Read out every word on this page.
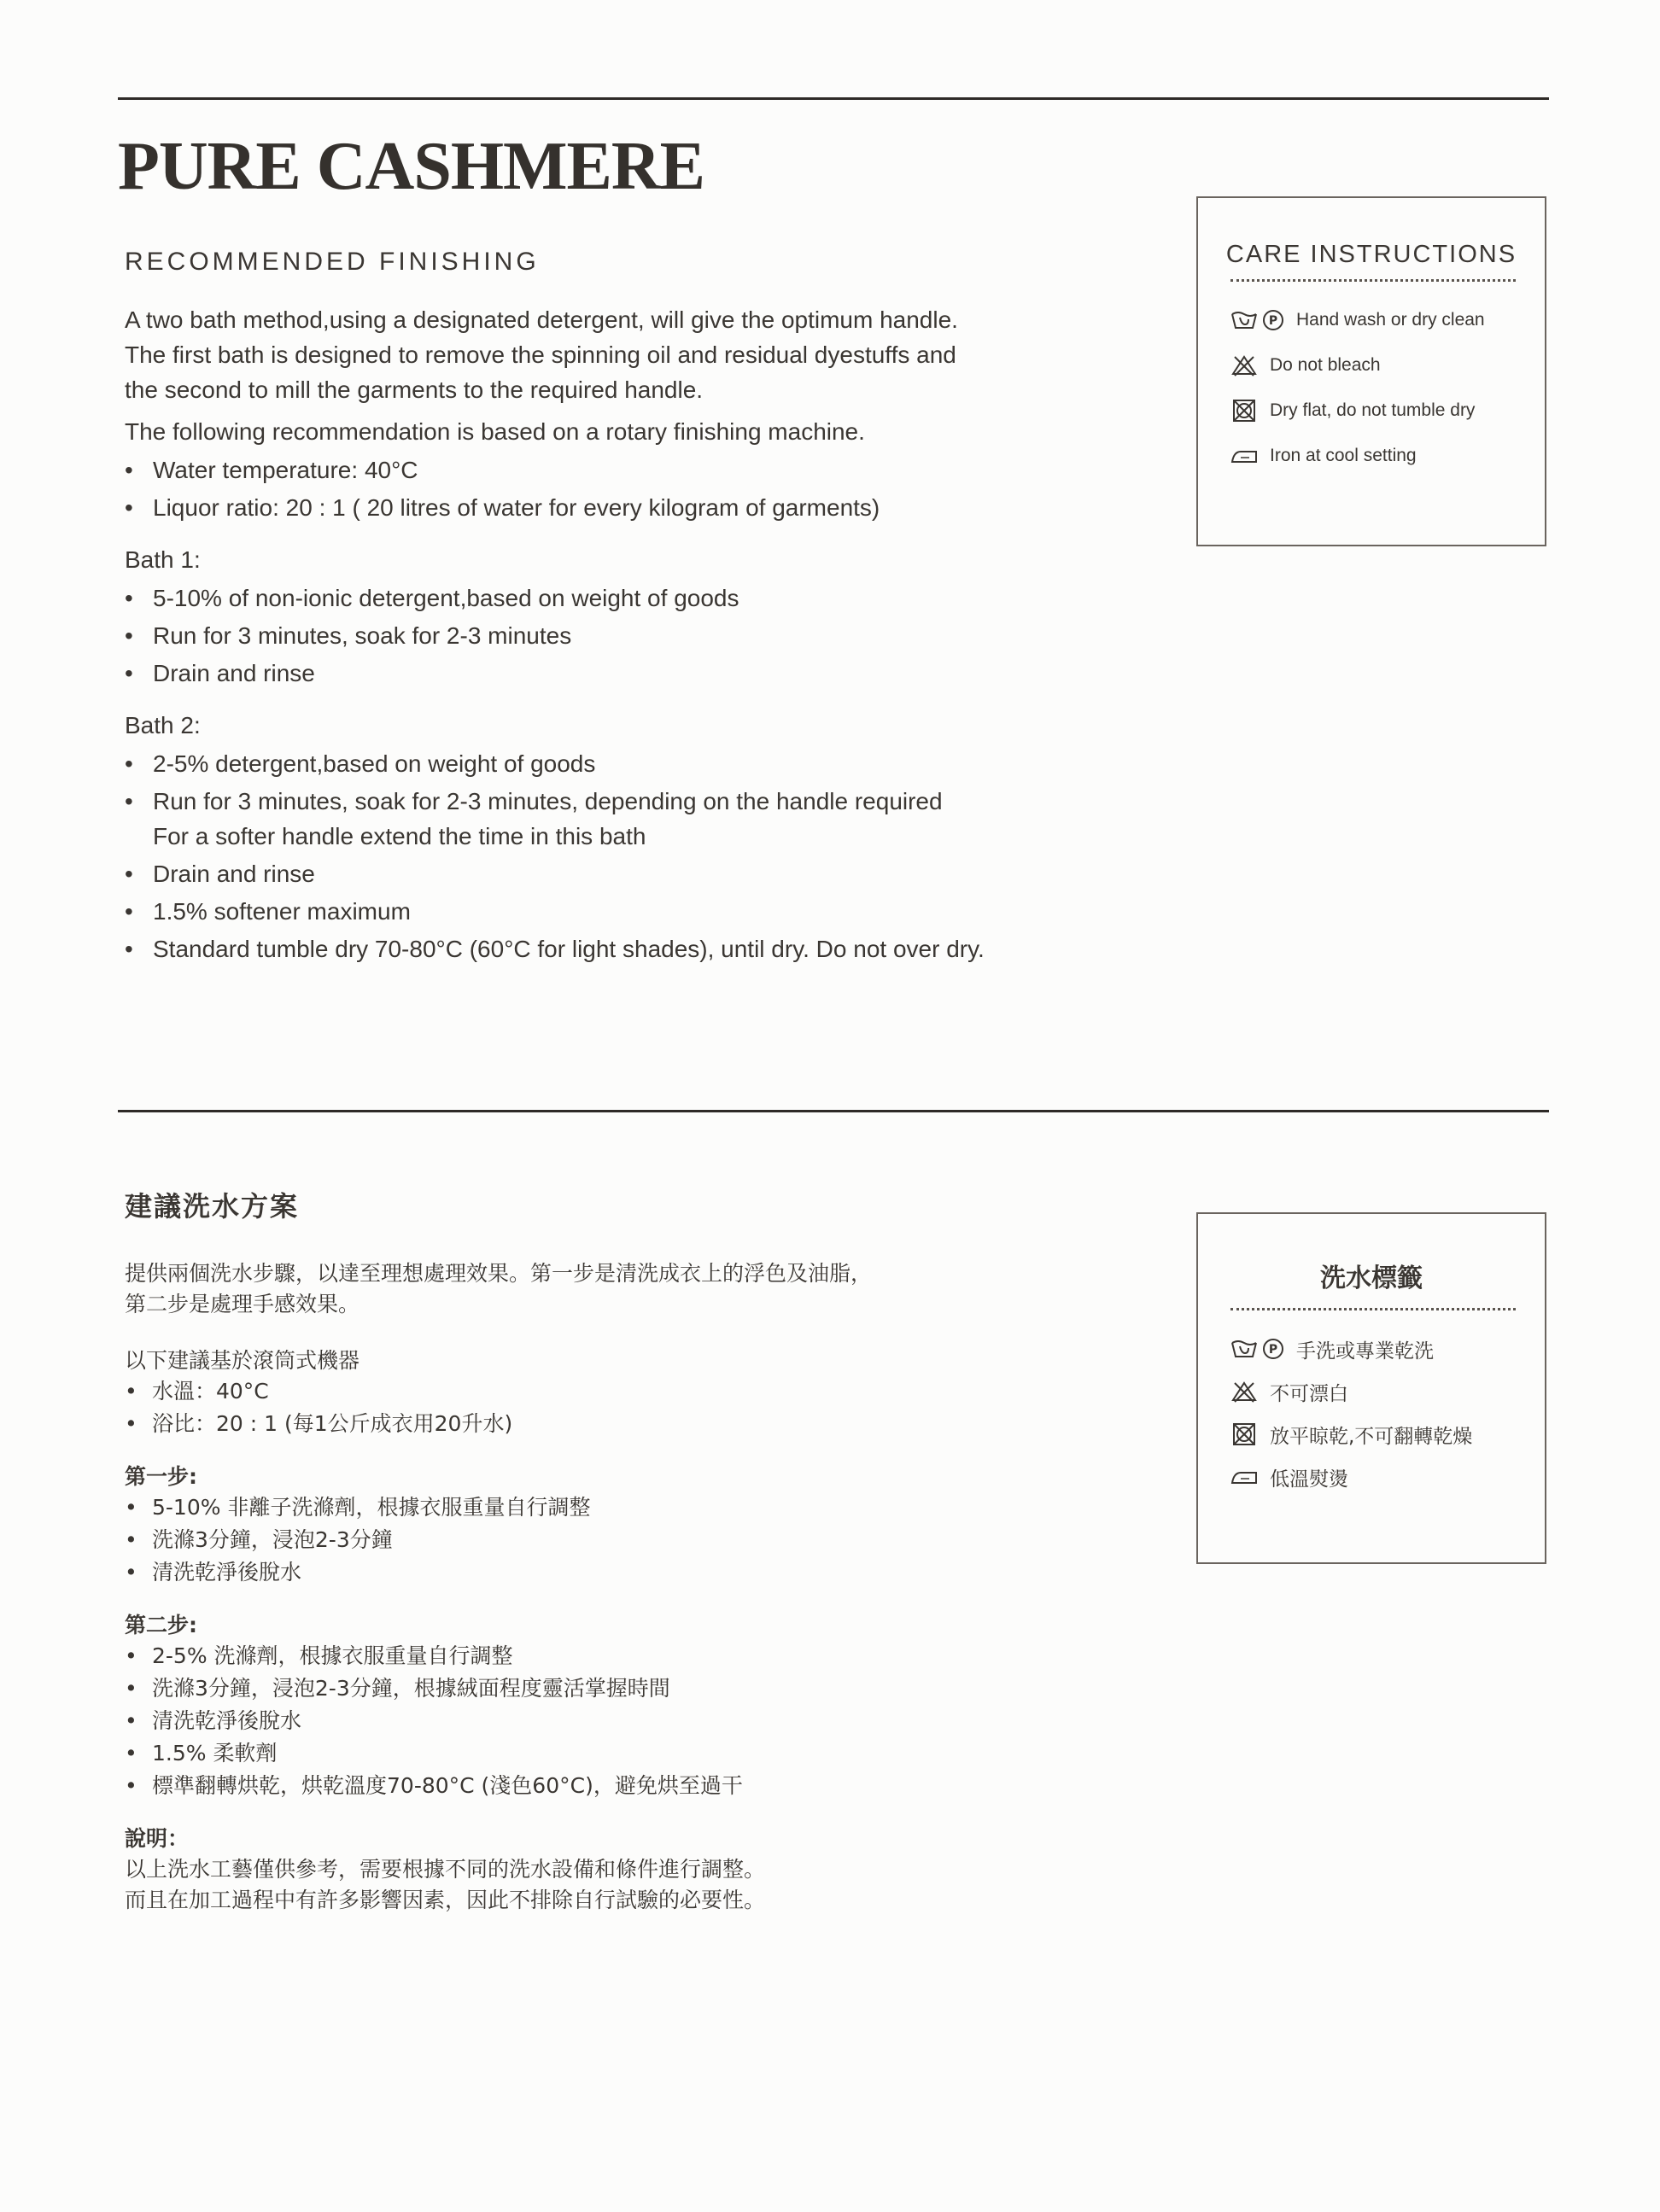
PURE CASHMERE
RECOMMENDED FINISHING

A two bath method,using a designated detergent, will give the optimum handle.
The first bath is designed to remove the spinning oil and residual dyestuffs and
the second to mill the garments to the required handle.

The following recommendation is based on a rotary finishing machine.

• Water temperature: 40°C
• Liquor ratio: 20 : 1 ( 20 litres of water for every kilogram of garments)
Bath 1:
• 5-10% of non-ionic detergent,based on weight of goods
• Run for 3 minutes, soak for 2-3 minutes
• Drain and rinse
Bath 2:
• 2-5% detergent,based on weight of goods
• Run for 3 minutes, soak for 2-3 minutes, depending on the handle required
For a softer handle extend the time in this bath
• Drain and rinse
• 1.5% softener maximum
• Standard tumble dry 70-80°C (60°C for light shades), until dry. Do not over dry.
CARE INSTRUCTIONS
P Hand wash or dry clean
Do not bleach
Dry flat, do not tumble dry
Iron at cool setting
建議洗水方案

提供兩個洗水步驟，以達至理想處理效果。第一步是清洗成衣上的浮色及油脂，
第二步是處理手感效果。

以下建議基於滾筒式機器

• 水溫：40°C
• 浴比：20 : 1 (每1公斤成衣用20升水)
第一步:
• 5-10% 非離子洗滌劑，根據衣服重量自行調整
• 洗滌3分鐘，浸泡2-3分鐘
• 清洗乾淨後脫水
第二步:
• 2-5% 洗滌劑，根據衣服重量自行調整
• 洗滌3分鐘，浸泡2-3分鐘，根據絨面程度靈活掌握時間
• 清洗乾淨後脫水
• 1.5% 柔軟劑
• 標準翻轉烘乾，烘乾溫度70-80°C (淺色60°C)，避免烘至過干
說明：

以上洗水工藝僅供參考，需要根據不同的洗水設備和條件進行調整。
而且在加工過程中有許多影響因素，因此不排除自行試驗的必要性。

洗水標籤
P 手洗或專業乾洗
不可漂白
放平晾乾,不可翻轉乾燥
低溫熨燙
